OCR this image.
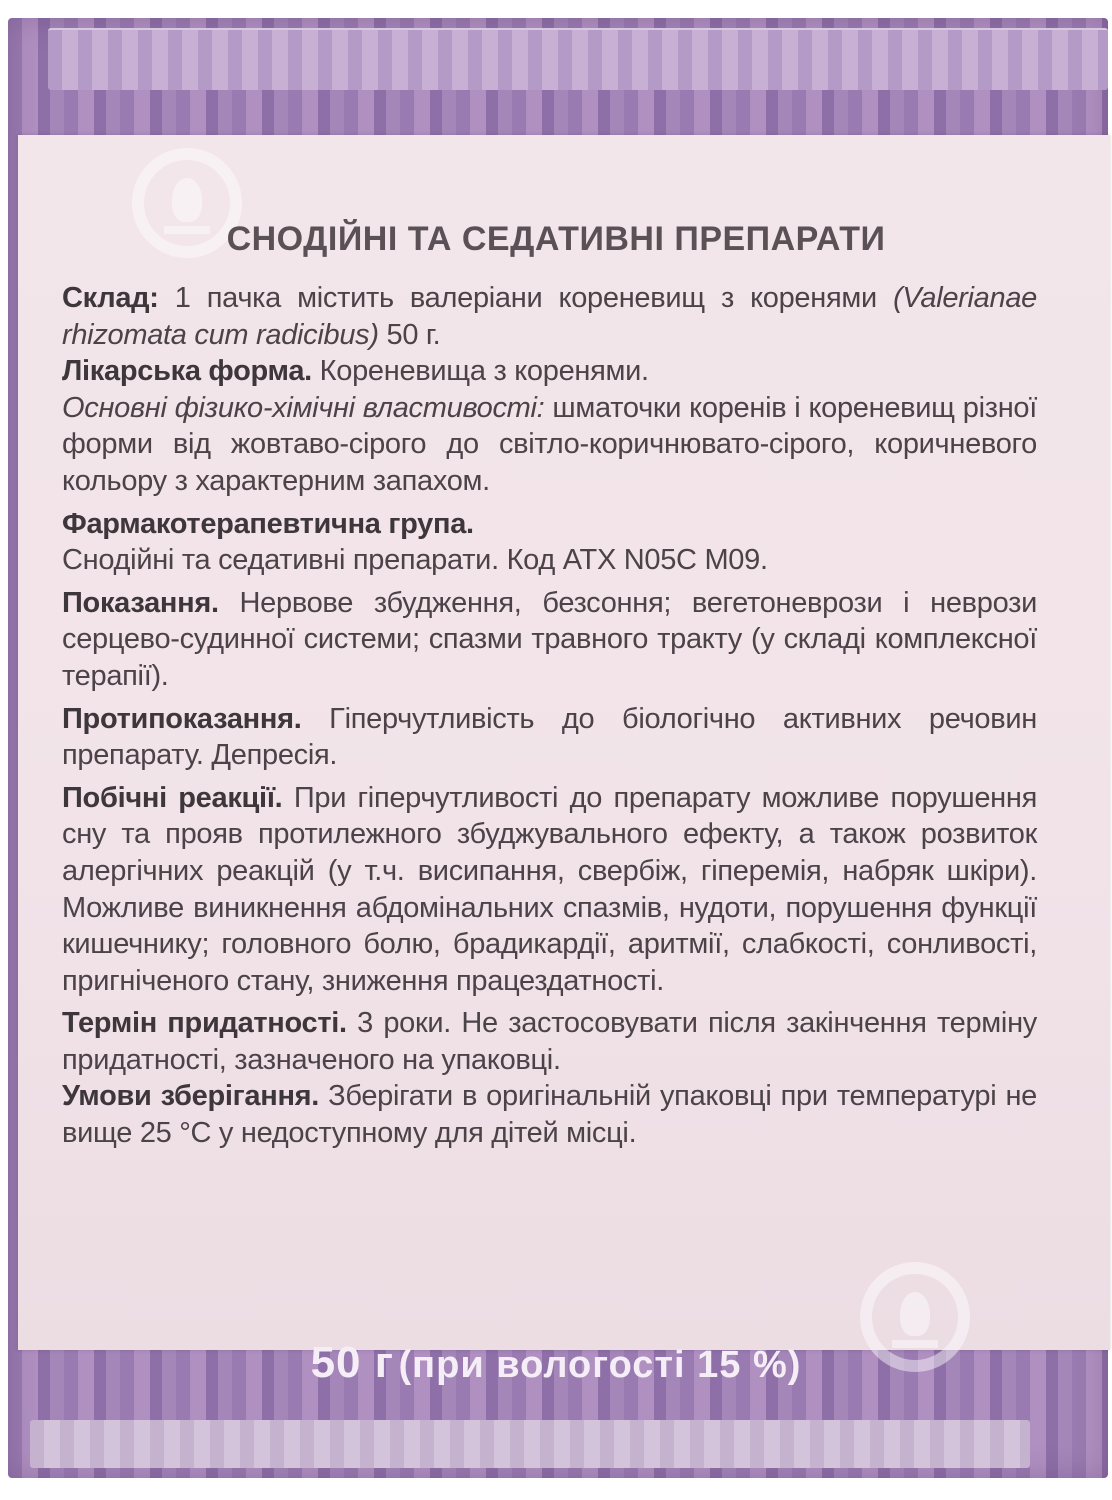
СНОДІЙНІ ТА СЕДАТИВНІ ПРЕПАРАТИ

Склад: 1 пачка містить валеріани кореневищ з коренями (Valerianae rhizomata cum radicibus) 50 г.

Лікарська форма. Кореневища з коренями.

Основні фізико-хімічні властивості: шматочки коренів і кореневищ різної форми від жовтаво-сірого до світло-коричнювато-сірого, коричневого кольору з характерним запахом.

Фармакотерапевтична група.
Снодійні та седативні препарати. Код АТХ N05C M09.

Показання. Нервове збудження, безсоння; вегетоневрози і неврози серцево-судинної системи; спазми травного тракту (у складі комплексної терапії).

Протипоказання. Гіперчутливість до біологічно активних речовин препарату. Депресія.

Побічні реакції. При гіперчутливості до препарату можливе порушення сну та прояв протилежного збуджувального ефекту, а також розвиток алергічних реакцій (у т.ч. висипання, свербіж, гіперемія, набряк шкіри). Можливе виникнення абдомінальних спазмів, нудоти, порушення функції кишечнику; головного болю, брадикардії, аритмії, слабкості, сонливості, пригніченого стану, зниження працездатності.

Термін придатності. 3 роки. Не застосовувати після закінчення терміну придатності, зазначеного на упаковці.

Умови зберігання. Зберігати в оригінальній упаковці при температурі не вище 25 °С у недоступному для дітей місці.

50 г (при вологості 15 %)
